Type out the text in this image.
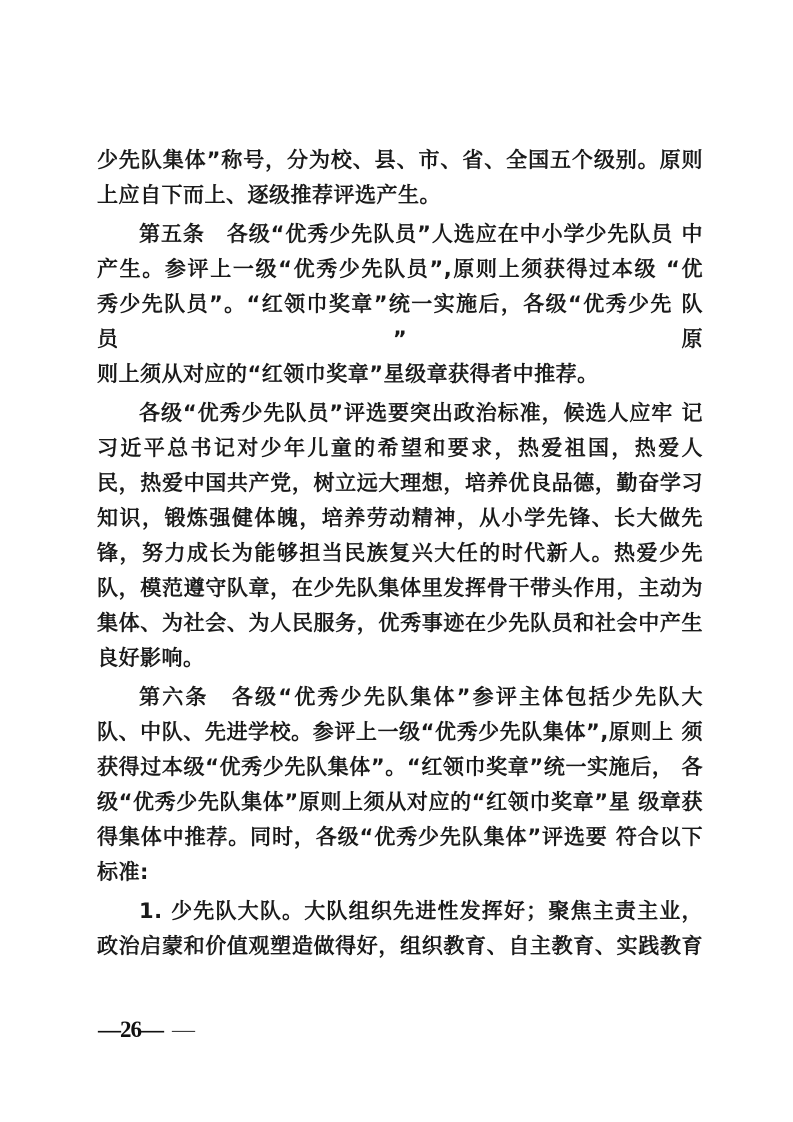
少先队集体”称号，分为校、县、市、省、全国五个级别。原则
上应自下而上、逐级推荐评选产生。
第五条　各级“优秀少先队员”人选应在中小学少先队员 中
产生。参评上一级“优秀少先队员”,原则上须获得过本级 “优
秀少先队员”。“红领巾奖章”统一实施后，各级“优秀少先 队员”原
则上须从对应的“红领巾奖章”星级章获得者中推荐。
各级“优秀少先队员”评选要突出政治标准，候选人应牢 记
习近平总书记对少年儿童的希望和要求，热爱祖国，热爱人
民，热爱中国共产党，树立远大理想，培养优良品德，勤奋学习
知识，锻炼强健体魄，培养劳动精神，从小学先锋、长大做先
锋，努力成长为能够担当民族复兴大任的时代新人。热爱少先
队，模范遵守队章，在少先队集体里发挥骨干带头作用，主动为
集体、为社会、为人民服务，优秀事迹在少先队员和社会中产生
良好影响。
第六条　各级“优秀少先队集体”参评主体包括少先队大
队、中队、先进学校。参评上一级“优秀少先队集体”,原则上 须
获得过本级“优秀少先队集体”。“红领巾奖章”统一实施后， 各
级“优秀少先队集体”原则上须从对应的“红领巾奖章”星 级章获
得集体中推荐。同时，各级“优秀少先队集体”评选要 符合以下
标准:
1. 少先队大队。大队组织先进性发挥好；聚焦主责主业，
政治启蒙和价值观塑造做得好，组织教育、自主教育、实践教育
—26— —
